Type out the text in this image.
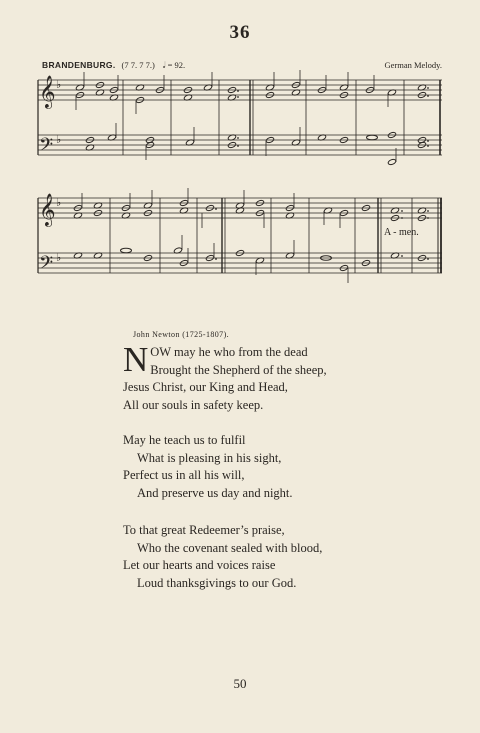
36
BRANDENBURG. (7 7. 7 7.) 𝅗𝅥 = 92.	German Melody.
𝄞 ♭
𝄢 ♭
𝄞 ♭
𝄢 ♭
A - men.
John Newton (1725-1807).
N OW may he who from the dead
Brought the Shepherd of the sheep,
Jesus Christ, our King and Head,
All our souls in safety keep.
May he teach us to fulfil
What is pleasing in his sight,
Perfect us in all his will,
And preserve us day and night.
To that great Redeemer’s praise,
Who the covenant sealed with blood,
Let our hearts and voices raise
Loud thanksgivings to our God.
50
